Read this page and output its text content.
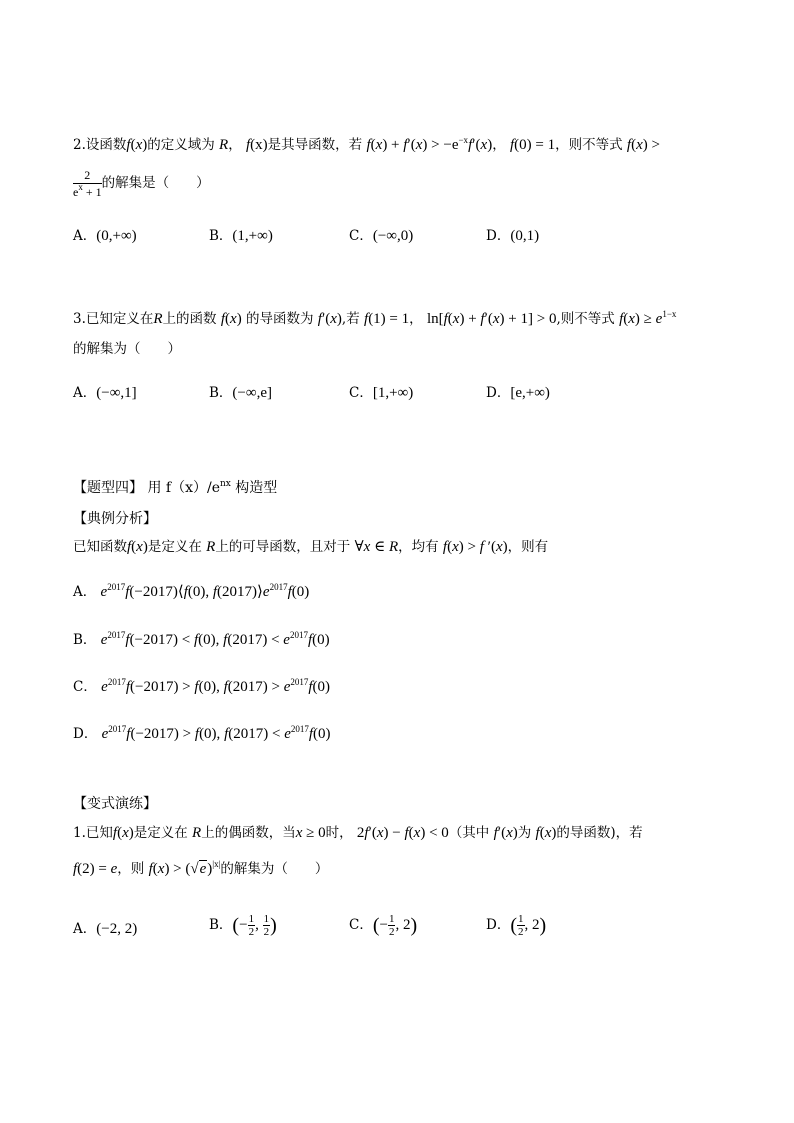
2.设函数f(x)的定义域为 R， f(x)是其导函数，若 $f(x) + f'(x) > -e^{-x}f'(x)$， f(0) = 1，则不等式 f(x) >
$\frac{2}{e^x + 1}$ 的解集是（　　）
A．(0,+∞)	B．(1,+∞)	C．(−∞,0)	D．(0,1)
3.已知定义在R上的函数 f(x) 的导函数为 f′(x),若 f(1) = 1， ln[f(x) + f′(x) + 1] > 0,则不等式 $f(x) \ge e^{1-x}$
的解集为（　　）
A．(−∞,1]	B．(−∞,e]	C．[1,+∞)	D．[e,+∞)
【题型四】 用 $f(x)/e^{nx}$ 构造型
【典例分析】
已知函数f(x)是定义在 R上的可导函数，且对于 ∀x ∈ R，均有 f(x) > f ′(x)，则有
A． $e^{2017}f(-2017)⟨f(0)$, $f(2017)⟩e^{2017}f(0)$
B． $e^{2017}f(-2017) < f(0)$, $f(2017) < e^{2017}f(0)$
C． $e^{2017}f(-2017) > f(0)$, $f(2017) > e^{2017}f(0)$
D． $e^{2017}f(-2017) > f(0)$, $f(2017) < e^{2017}f(0)$
【变式演练】
1.已知f(x)是定义在 R上的偶函数，当x ≥ 0时， 2f′(x) − f(x) < 0（其中 f′(x)为 f(x)的导函数)，若
f(2) = e，则 $f(x) > (√e)^{|x|}$的解集为（　　）
A．(−2, 2)	B．(− $\frac{1}{2}$ , $\frac{1}{2}$ )	C．(− $\frac{1}{2}$ , 2)	D．( $\frac{1}{2}$ , 2)
